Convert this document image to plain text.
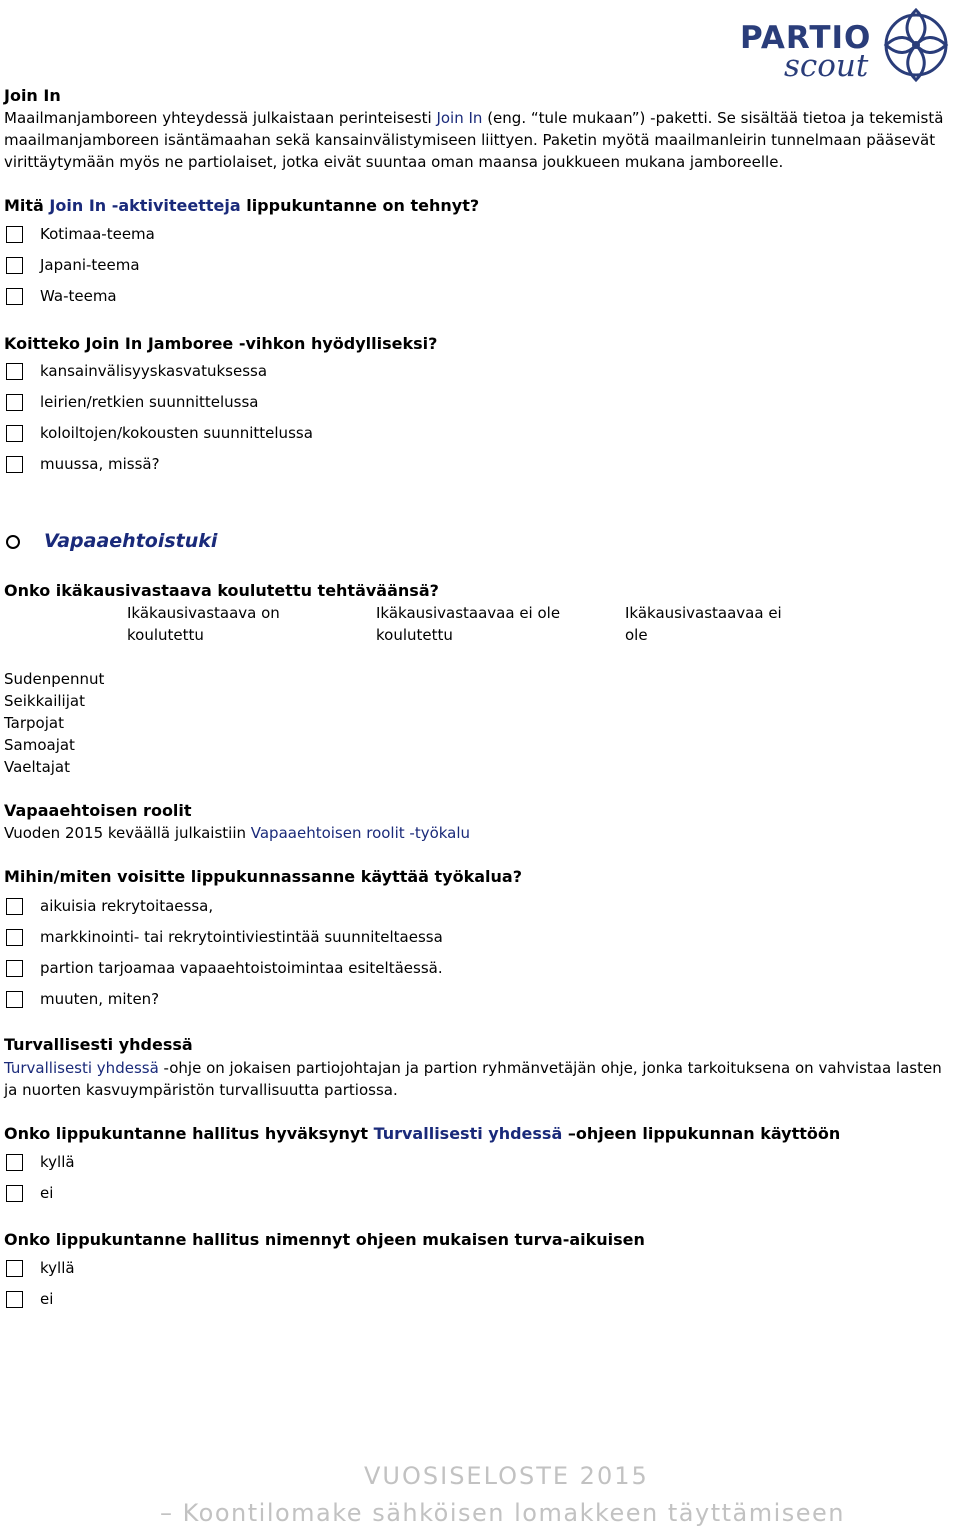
PARTIO
scout
Join In
Maailmanjamboreen yhteydessä julkaistaan perinteisesti Join In (eng. “tule mukaan”) -paketti. Se sisältää tietoa ja tekemistä
maailmanjamboreen isäntämaahan sekä kansainvälistymiseen liittyen. Paketin myötä maailmanleirin tunnelmaan pääsevät
virittäytymään myös ne partiolaiset, jotka eivät suuntaa oman maansa joukkueen mukana jamboreelle.
Mitä Join In -aktiviteetteja lippukuntanne on tehnyt?
Kotimaa-teema
Japani-teema
Wa-teema
Koitteko Join In Jamboree -vihkon hyödylliseksi?
kansainvälisyyskasvatuksessa
leirien/retkien suunnittelussa
koloiltojen/kokousten suunnittelussa
muussa, missä?
Vapaaehtoistuki
Onko ikäkausivastaava koulutettu tehtäväänsä?
Ikäkausivastaava on
koulutettu
Ikäkausivastaavaa ei ole
koulutettu
Ikäkausivastaavaa ei
ole
Sudenpennut
Seikkailijat
Tarpojat
Samoajat
Vaeltajat
Vapaaehtoisen roolit
Vuoden 2015 keväällä julkaistiin Vapaaehtoisen roolit -työkalu
Mihin/miten voisitte lippukunnassanne käyttää työkalua?
aikuisia rekrytoitaessa,
markkinointi- tai rekrytointiviestintää suunniteltaessa
partion tarjoamaa vapaaehtoistoimintaa esiteltäessä.
muuten, miten?
Turvallisesti yhdessä
Turvallisesti yhdessä -ohje on jokaisen partiojohtajan ja partion ryhmänvetäjän ohje, jonka tarkoituksena on vahvistaa lasten
ja nuorten kasvuympäristön turvallisuutta partiossa.
Onko lippukuntanne hallitus hyväksynyt Turvallisesti yhdessä –ohjeen lippukunnan käyttöön
kyllä
ei
Onko lippukuntanne hallitus nimennyt ohjeen mukaisen turva-aikuisen
kyllä
ei
VUOSISELOSTE 2015
– Koontilomake sähköisen lomakkeen täyttämiseen
